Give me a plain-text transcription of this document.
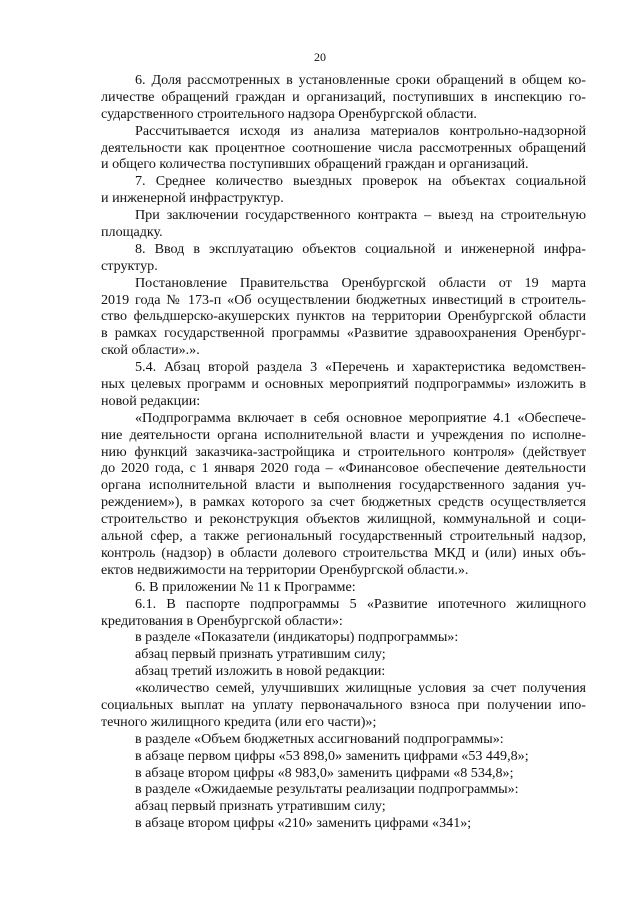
20
6. Доля рассмотренных в установленные сроки обращений в общем ко-
личестве обращений граждан и организаций, поступивших в инспекцию го-
сударственного строительного надзора Оренбургской области.
Рассчитывается исходя из анализа материалов контрольно-надзорной
деятельности как процентное соотношение числа рассмотренных обращений
и общего количества поступивших обращений граждан и организаций.
7. Среднее количество выездных проверок на объектах социальной
и инженерной инфраструктур.
При заключении государственного контракта – выезд на строительную
площадку.
8. Ввод в эксплуатацию объектов социальной и инженерной инфра-
структур.
Постановление Правительства Оренбургской области от 19 марта
2019 года № 173-п «Об осуществлении бюджетных инвестиций в строитель-
ство фельдшерско-акушерских пунктов на территории Оренбургской области
в рамках государственной программы «Развитие здравоохранения Оренбург-
ской области».».
5.4. Абзац второй раздела 3 «Перечень и характеристика ведомствен-
ных целевых программ и основных мероприятий подпрограммы» изложить в
новой редакции:
«Подпрограмма включает в себя основное мероприятие 4.1 «Обеспече-
ние деятельности органа исполнительной власти и учреждения по исполне-
нию функций заказчика-застройщика и строительного контроля» (действует
до 2020 года, с 1 января 2020 года – «Финансовое обеспечение деятельности
органа исполнительной власти и выполнения государственного задания уч-
реждением»), в рамках которого за счет бюджетных средств осуществляется
строительство и реконструкция объектов жилищной, коммунальной и соци-
альной сфер, а также региональный государственный строительный надзор,
контроль (надзор) в области долевого строительства МКД и (или) иных объ-
ектов недвижимости на территории Оренбургской области.».
6. В приложении № 11 к Программе:
6.1. В паспорте подпрограммы 5 «Развитие ипотечного жилищного
кредитования в Оренбургской области»:
в разделе «Показатели (индикаторы) подпрограммы»:
абзац первый признать утратившим силу;
абзац третий изложить в новой редакции:
«количество семей, улучшивших жилищные условия за счет получения
социальных выплат на уплату первоначального взноса при получении ипо-
течного жилищного кредита (или его части)»;
в разделе «Объем бюджетных ассигнований подпрограммы»:
в абзаце первом цифры «53 898,0» заменить цифрами «53 449,8»;
в абзаце втором цифры «8 983,0» заменить цифрами «8 534,8»;
в разделе «Ожидаемые результаты реализации подпрограммы»:
абзац первый признать утратившим силу;
в абзаце втором цифры «210» заменить цифрами «341»;
